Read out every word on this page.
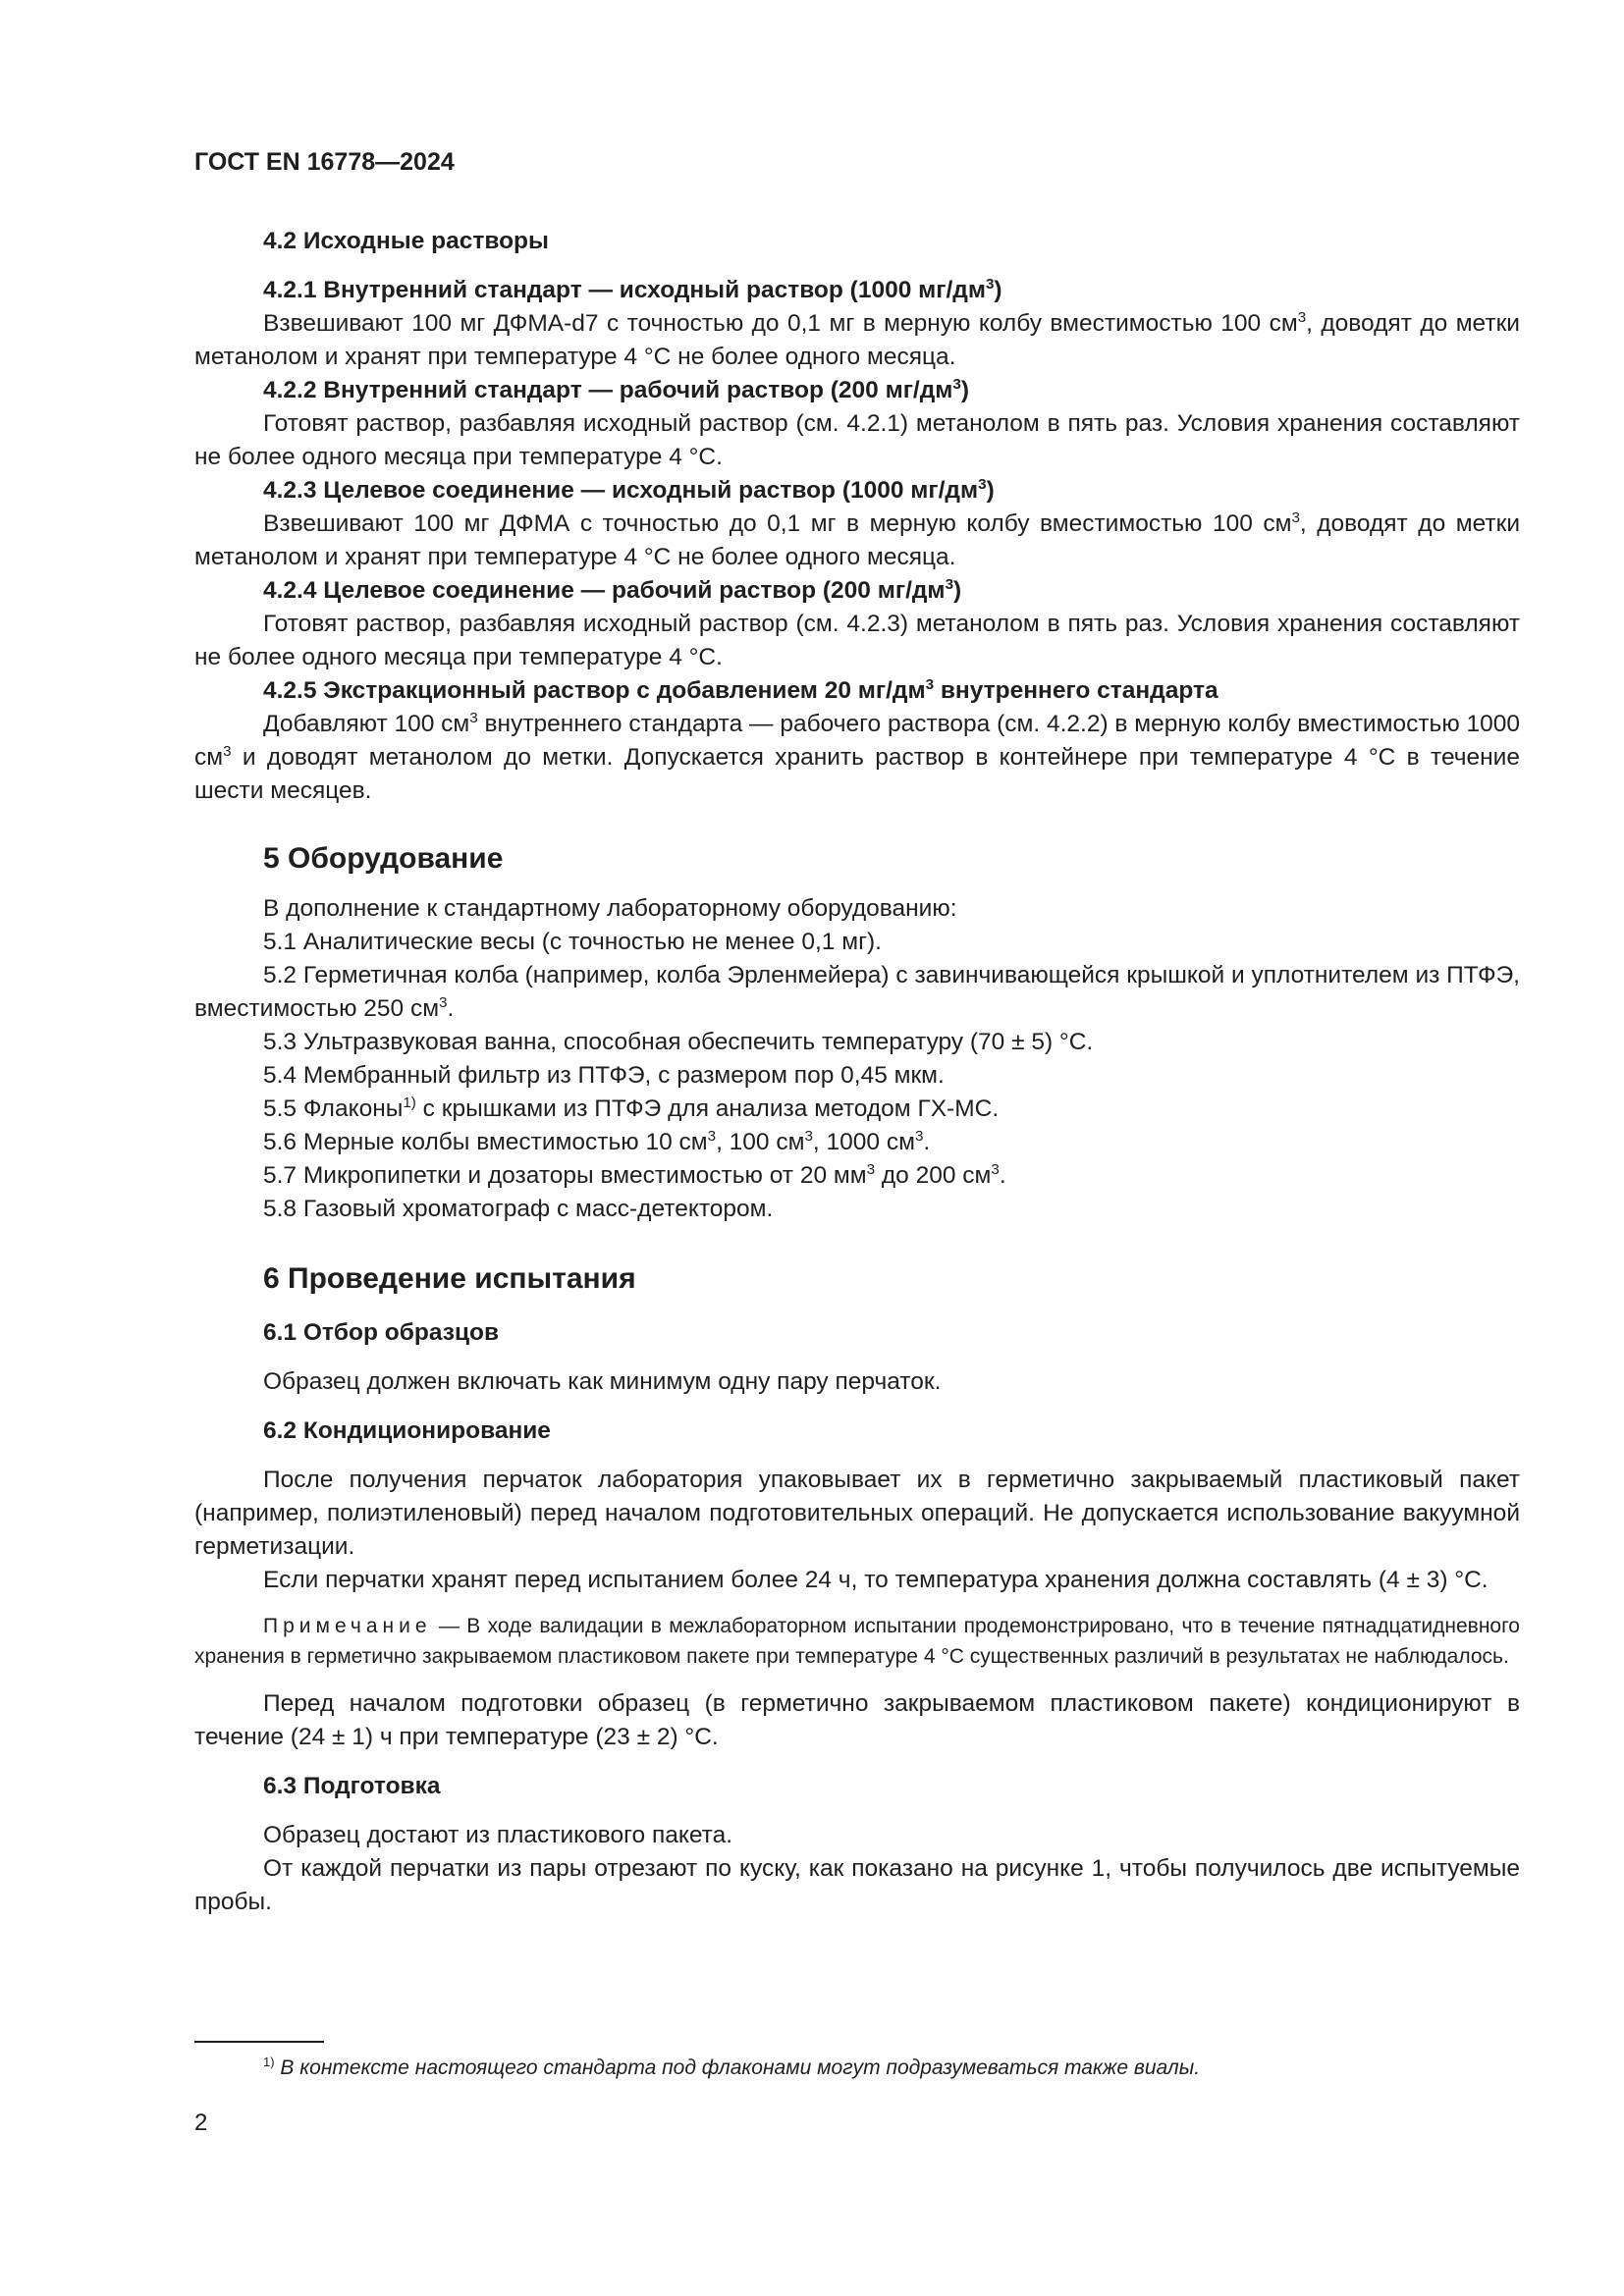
ГОСТ EN 16778—2024

4.2 Исходные растворы

4.2.1 Внутренний стандарт — исходный раствор (1000 $мг/дм^3$)

Взвешивают 100 мг ДФМА-d7 с точностью до 0,1 мг в мерную колбу вместимостью 100 $см^3$, доводят до метки метанолом и хранят при температуре 4 °С не более одного месяца.

4.2.2 Внутренний стандарт — рабочий раствор (200 $мг/дм^3$)

Готовят раствор, разбавляя исходный раствор (см. 4.2.1) метанолом в пять раз. Условия хранения составляют не более одного месяца при температуре 4 °С.

4.2.3 Целевое соединение — исходный раствор (1000 $мг/дм^3$)

Взвешивают 100 мг ДФМА с точностью до 0,1 мг в мерную колбу вместимостью 100 $см^3$, доводят до метки метанолом и хранят при температуре 4 °С не более одного месяца.

4.2.4 Целевое соединение — рабочий раствор (200 $мг/дм^3$)

Готовят раствор, разбавляя исходный раствор (см. 4.2.3) метанолом в пять раз. Условия хранения составляют не более одного месяца при температуре 4 °С.

4.2.5 Экстракционный раствор с добавлением 20 $мг/дм^3$ внутреннего стандарта

Добавляют 100 $см^3$ внутреннего стандарта — рабочего раствора (см. 4.2.2) в мерную колбу вместимостью 1000 $см^3$ и доводят метанолом до метки. Допускается хранить раствор в контейнере при температуре 4 °С в течение шести месяцев.

5 Оборудование

В дополнение к стандартному лабораторному оборудованию:

5.1 Аналитические весы (с точностью не менее 0,1 мг).

5.2 Герметичная колба (например, колба Эрленмейера) с завинчивающейся крышкой и уплотнителем из ПТФЭ, вместимостью 250 $см^3$.

5.3 Ультразвуковая ванна, способная обеспечить температуру (70 ± 5) °С.

5.4 Мембранный фильтр из ПТФЭ, с размером пор 0,45 мкм.

5.5 Флаконы$^{1)}$ с крышками из ПТФЭ для анализа методом ГХ-МС.

5.6 Мерные колбы вместимостью 10 $см^3$, 100 $см^3$, 1000 $см^3$.

5.7 Микропипетки и дозаторы вместимостью от 20 $мм^3$ до 200 $см^3$.

5.8 Газовый хроматограф с масс-детектором.

6 Проведение испытания

6.1 Отбор образцов

Образец должен включать как минимум одну пару перчаток.

6.2 Кондиционирование

После получения перчаток лаборатория упаковывает их в герметично закрываемый пластиковый пакет (например, полиэтиленовый) перед началом подготовительных операций. Не допускается использование вакуумной герметизации.

Если перчатки хранят перед испытанием более 24 ч, то температура хранения должна составлять (4 ± 3) °С.

Примечание — В ходе валидации в межлабораторном испытании продемонстрировано, что в течение пятнадцатидневного хранения в герметично закрываемом пластиковом пакете при температуре 4 °С существенных различий в результатах не наблюдалось.

Перед началом подготовки образец (в герметично закрываемом пластиковом пакете) кондиционируют в течение (24 ± 1) ч при температуре (23 ± 2) °С.

6.3 Подготовка

Образец достают из пластикового пакета.

От каждой перчатки из пары отрезают по куску, как показано на рисунке 1, чтобы получилось две испытуемые пробы.

$^{1)}$ В контексте настоящего стандарта под флаконами могут подразумеваться также виалы.
2
